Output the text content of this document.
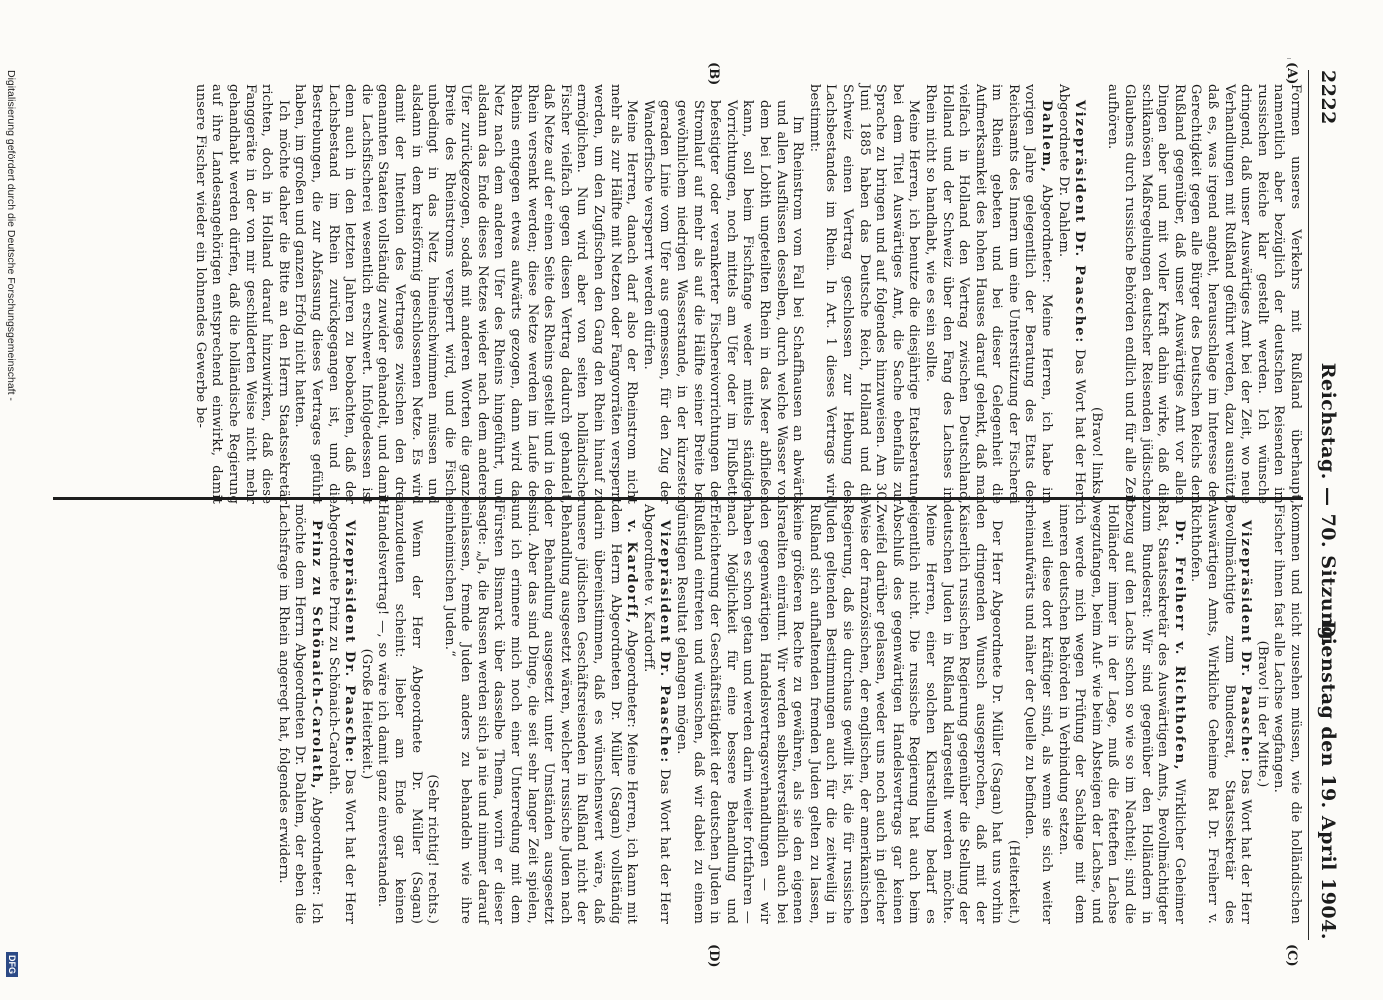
2222
Reichstag. — 70. Sitzung.
Dienstag den 19. April 1904.
(A)
(B)
(C)
(D)

Formen unseres Verkehrs mit Rußland überhaupt, namentlich aber bezüglich der deutschen Reisenden im russischen Reiche klar gestellt werden. Ich wünsche dringend, daß unser Auswärtiges Amt bei der Zeit, wo neue Verhandlungen mit Rußland geführt werden, dazu ausnützt, daß es, was irgend angeht, herausschlage im Interesse der Gerechtigkeit gegen alle Bürger des Deutschen Reichs dem Rußland gegenüber, daß unser Auswärtiges Amt vor allen Dingen aber und mit voller Kraft dahin wirke, daß die schikanösen Maßregelungen deutscher Reisenden jüdischen Glaubens durch russische Behörden endlich und für alle Zeit aufhören.

(Bravo! links.)

Vizepräsident Dr. Paasche: Das Wort hat der Herr Abgeordnete Dr. Dahlem.

Dahlem, Abgeordneter: Meine Herren, ich habe im vorigen Jahre gelegentlich der Beratung des Etats des Reichsamts des Innern um eine Unterstützung der Fischerei im Rhein gebeten und bei dieser Gelegenheit die Aufmerksamkeit des hohen Hauses darauf gelenkt, daß man vielfach in Holland den Vertrag zwischen Deutschland, Holland und der Schweiz über den Fang des Lachses im Rhein nicht so handhabt, wie es sein sollte.

Meine Herren, ich benutze die diesjährige Etatsberatung bei dem Titel Auswärtiges Amt, die Sache ebenfalls zur Sprache zu bringen und auf folgendes hinzuweisen. Am 30. Juni 1885 haben das Deutsche Reich, Holland und die Schweiz einen Vertrag geschlossen zur Hebung des Lachsbestandes im Rhein. In Art. 1 dieses Vertrags wird bestimmt:

Im Rheinstrom vom Fall bei Schaffhausen an abwärts und allen Ausflüssen desselben, durch welche Wasser von dem bei Lobith ungeteilten Rhein in das Meer abfließen kann, soll beim Fischfange weder mittels ständiger Vorrichtungen, noch mittels am Ufer oder im Flußbette befestigter oder verankerter Fischereivorrichtungen der Stromlauf auf mehr als auf die Hälfte seiner Breite bei gewöhnlichem niedrigen Wasserstande, in der kürzesten geraden Linie vom Ufer aus gemessen, für den Zug der Wanderfische versperrt werden dürfen.

Meine Herren, danach darf also der Rheinstrom nicht mehr als zur Hälfte mit Netzen oder Fangvorräten versperrt werden, um den Zugfischen den Gang den Rhein hinauf zu ermöglichen. Nun wird aber von seiten holländischer Fischer vielfach gegen diesen Vertrag dadurch gehandelt, daß Netze auf der einen Seite des Rheins gestellt und in den Rhein versenkt werden; diese Netze werden im Laufe des Rheins entgegen etwas aufwärts gezogen, dann wird das Netz nach dem anderen Ufer des Rheins hingeführt, und alsdann das Ende dieses Netzes wieder nach dem anderen Ufer zurückgezogen, sodaß mit anderen Worten die ganze Breite des Rheinstroms versperrt wird, und die Fische unbedingt in das Netz hineinschwimmen müssen und alsdann in dem kreisförmig geschlossenen Netze. Es wird damit der Intention des Vertrages zwischen den drei genannten Staaten vollständig zuwider gehandelt, und damit die Lachsfischerei wesentlich erschwert. Infolgedessen ist denn auch in den letzten Jahren zu beobachten, daß der Lachsbestand im Rhein zurückgegangen ist, und die Bestrebungen, die zur Abfassung dieses Vertrages geführt haben, im großen und ganzen Erfolg nicht hatten.

Ich möchte daher die Bitte an den Herrn Staatssekretär richten, doch in Holland darauf hinzuwirken, daß diese Fanggeräte in der von mir geschilderten Weise nicht mehr gehandhabt werden dürfen, daß die holländische Regierung auf ihre Landesangehörigen entsprechend einwirkt, damit unsere Fischer wieder ein lohnendes Gewerbe be-

kommen und nicht zusehen müssen, wie die holländischen Fischer ihnen fast alle Lachse wegfangen.

(Bravo! in der Mitte.)

Vizepräsident Dr. Paasche: Das Wort hat der Herr Bevollmächtigte zum Bundesrat, Staatssekretär des Auswärtigen Amts, Wirkliche Geheime Rat Dr. Freiherr v. Richthofen.

Dr. Freiherr v. Richthofen, Wirklicher Geheimer Rat, Staatssekretär des Auswärtigen Amts, Bevollmächtigter zum Bundesrat: Wir sind gegenüber den Holländern in bezug auf den Lachs schon so wie so im Nachteil; sind die Holländer immer in der Lage, muß die fetteften Lachse wegzufangen, beim Auf- wie beim Absteigen der Lachse, und ich werde mich wegen Prüfung der Sachlage mit dem inneren deutschen Behörden in Verbindung setzen.

weil diese dort kräftiger sind, als wenn sie sich weiter rheinaufwärts und näher der Quelle zu befinden.

(Heiterkeit.)

Der Herr Abgeordnete Dr. Müller (Sagan) hat uns vorhin den dringenden Wunsch ausgesprochen, daß mit der Kaiserlich russischen Regierung gegenüber die Stellung der deutschen Juden in Rußland klargestellt werden möchte. Meine Herren, einer solchen Klarstellung bedarf es eigentlich nicht. Die russische Regierung hat auch beim Abschluß des gegenwärtigen Handelsvertrags gar keinen Zweifel darüber gelassen, weder uns noch auch in gleicher Weise der französischen, der englischen, der amerikanischen Regierung, daß sie durchaus gewillt ist, die für russische Juden geltenden Bestimmungen auch für die zeitweilig in Rußland sich aufhaltenden fremden Juden gelten zu lassen, keine größeren Rechte zu gewähren, als sie den eigenen Israeliten einräumt. Wir werden selbstverständlich auch bei den gegenwärtigen Handelsvertragsverhandlungen — wir haben es schon getan und werden darin weiter fortfahren — nach Möglichkeit für eine bessere Behandlung und Erleichterung der Geschäftstätigkeit der deutschen Juden in Rußland eintreten und wünschen, daß wir dabei zu einem günstigen Resultat gelangen mögen.

Vizepräsident Dr. Paasche: Das Wort hat der Herr Abgeordnete v. Kardorff.

v. Kardorff, Abgeordneter: Meine Herren, ich kann mit dem Herrn Abgeordneten Dr. Müller (Sagan) vollständig darin übereinstimmen, daß es wünschenswert wäre, daß unsere jüdischen Geschäftsreisenden in Rußland nicht der Behandlung ausgesetzt wären, welcher russische Juden nach der Behandlung ausgesetzt unter Umständen ausgesetzt sind. Aber das sind Dinge, die seit sehr langer Zeit spielen, und ich erinnere mich noch einer Unterredung mit dem Fürsten Bismarck über dasselbe Thema, worin er dieser sagte: „Ja, die Russen werden sich ja nie und nimmer darauf einlassen, fremde Juden anders zu behandeln wie ihre einheimischen Juden.“

(Sehr richtig! rechts.)

Wenn der Herr Abgeordnete Dr. Müller (Sagan) anzudeuten scheint: lieber am Ende gar keinen Handelsvertrag! —, so wäre ich damit ganz einverstanden.

(Große Heiterkeit.)

Vizepräsident Dr. Paasche: Das Wort hat der Herr Abgeordnete Prinz zu Schönaich-Carolath.

Prinz zu Schönaich-Carolath, Abgeordneter: Ich möchte dem Herrn Abgeordneten Dr. Dahlem, der eben die Lachsfrage im Rhein angeregt hat, folgendes erwidern.

Digitalisierung gefördert durch die Deutsche Forschungsgemeinschaft -
DFG
